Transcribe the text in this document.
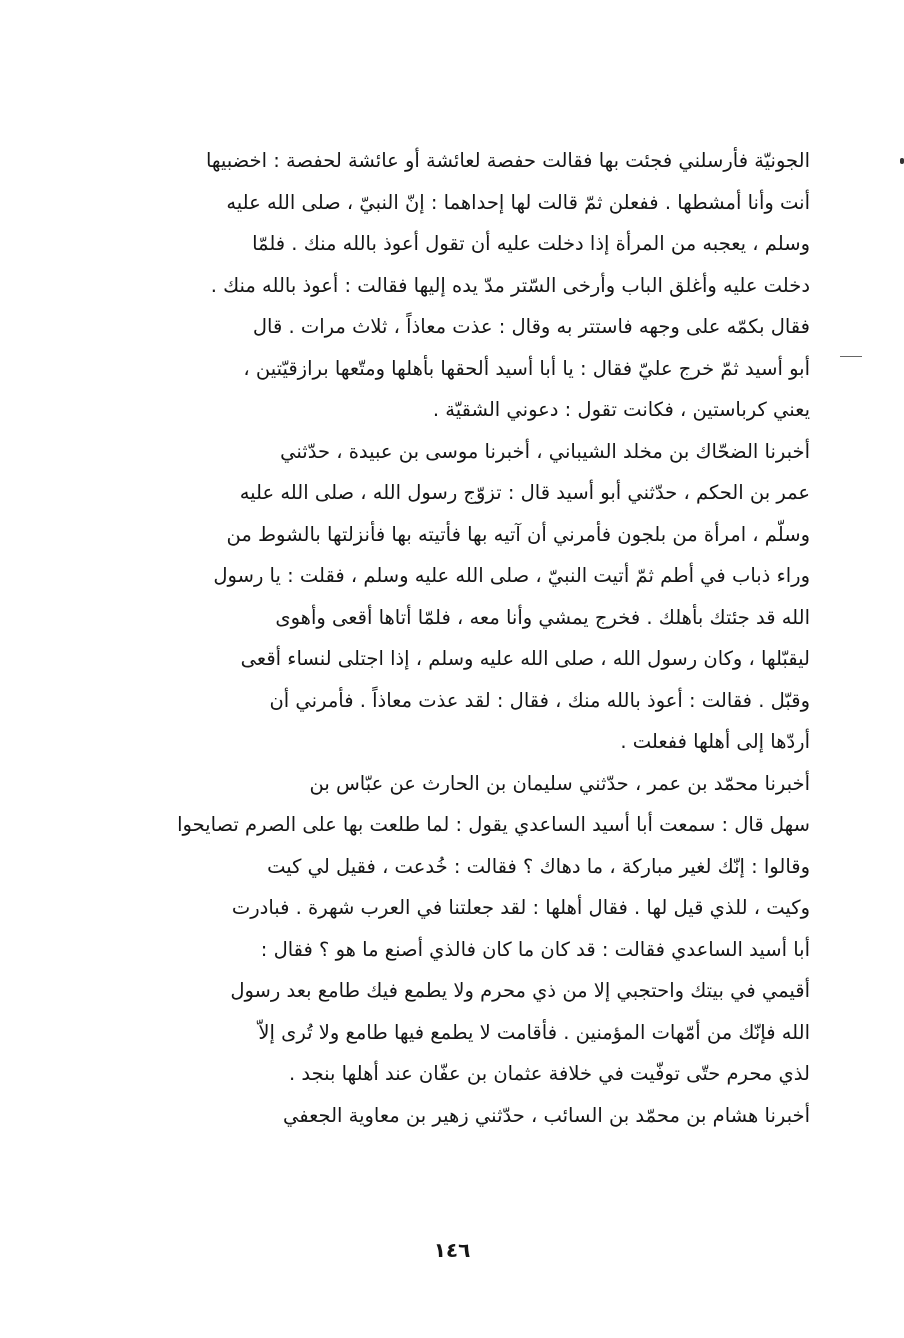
الجونيّة فأرسلني فجئت بها فقالت حفصة لعائشة أو عائشة لحفصة : اخضبيها
أنت وأنا أمشطها . ففعلن ثمّ قالت لها إحداهما : إنّ النبيّ ، صلى الله عليه
وسلم ، يعجبه من المرأة إذا دخلت عليه أن تقول أعوذ بالله منك . فلمّا
دخلت عليه وأغلق الباب وأرخى السّتر مدّ يده إليها فقالت : أعوذ بالله منك .
فقال بكمّه على وجهه فاستتر به وقال : عذت معاذاً ، ثلاث مرات . قال
أبو أسيد ثمّ خرج عليّ فقال : يا أبا أسيد ألحقها بأهلها ومتّعها برازقيّتين ،
يعني كرباستين ، فكانت تقول : دعوني الشقيّة .
أخبرنا الضحّاك بن مخلد الشيباني ، أخبرنا موسى بن عبيدة ، حدّثني
عمر بن الحكم ، حدّثني أبو أسيد قال : تزوّج رسول الله ، صلى الله عليه
وسلّم ، امرأة من بلجون فأمرني أن آتيه بها فأتيته بها فأنزلتها بالشوط من
وراء ذباب في أطم ثمّ أتيت النبيّ ، صلى الله عليه وسلم ، فقلت : يا رسول
الله قد جئتك بأهلك . فخرج يمشي وأنا معه ، فلمّا أتاها أقعى وأهوى
ليقبّلها ، وكان رسول الله ، صلى الله عليه وسلم ، إذا اجتلى لنساء أقعى
وقبّل . فقالت : أعوذ بالله منك ، فقال : لقد عذت معاذاً . فأمرني أن
أردّها إلى أهلها ففعلت .
أخبرنا محمّد بن عمر ، حدّثني سليمان بن الحارث عن عبّاس بن
سهل قال : سمعت أبا أسيد الساعدي يقول : لما طلعت بها على الصرم تصايحوا
وقالوا : إنّك لغير مباركة ، ما دهاك ؟ فقالت : خُدعت ، فقيل لي كيت
وكيت ، للذي قيل لها . فقال أهلها : لقد جعلتنا في العرب شهرة . فبادرت
أبا أسيد الساعدي فقالت : قد كان ما كان فالذي أصنع ما هو ؟ فقال :
أقيمي في بيتك واحتجبي إلا من ذي محرم ولا يطمع فيك طامع بعد رسول
الله فإنّك من أمّهات المؤمنين . فأقامت لا يطمع فيها طامع ولا تُرى إلاّ
لذي محرم حتّى توفّيت في خلافة عثمان بن عفّان عند أهلها بنجد .
أخبرنا هشام بن محمّد بن السائب ، حدّثني زهير بن معاوية الجعفي
١٤٦
